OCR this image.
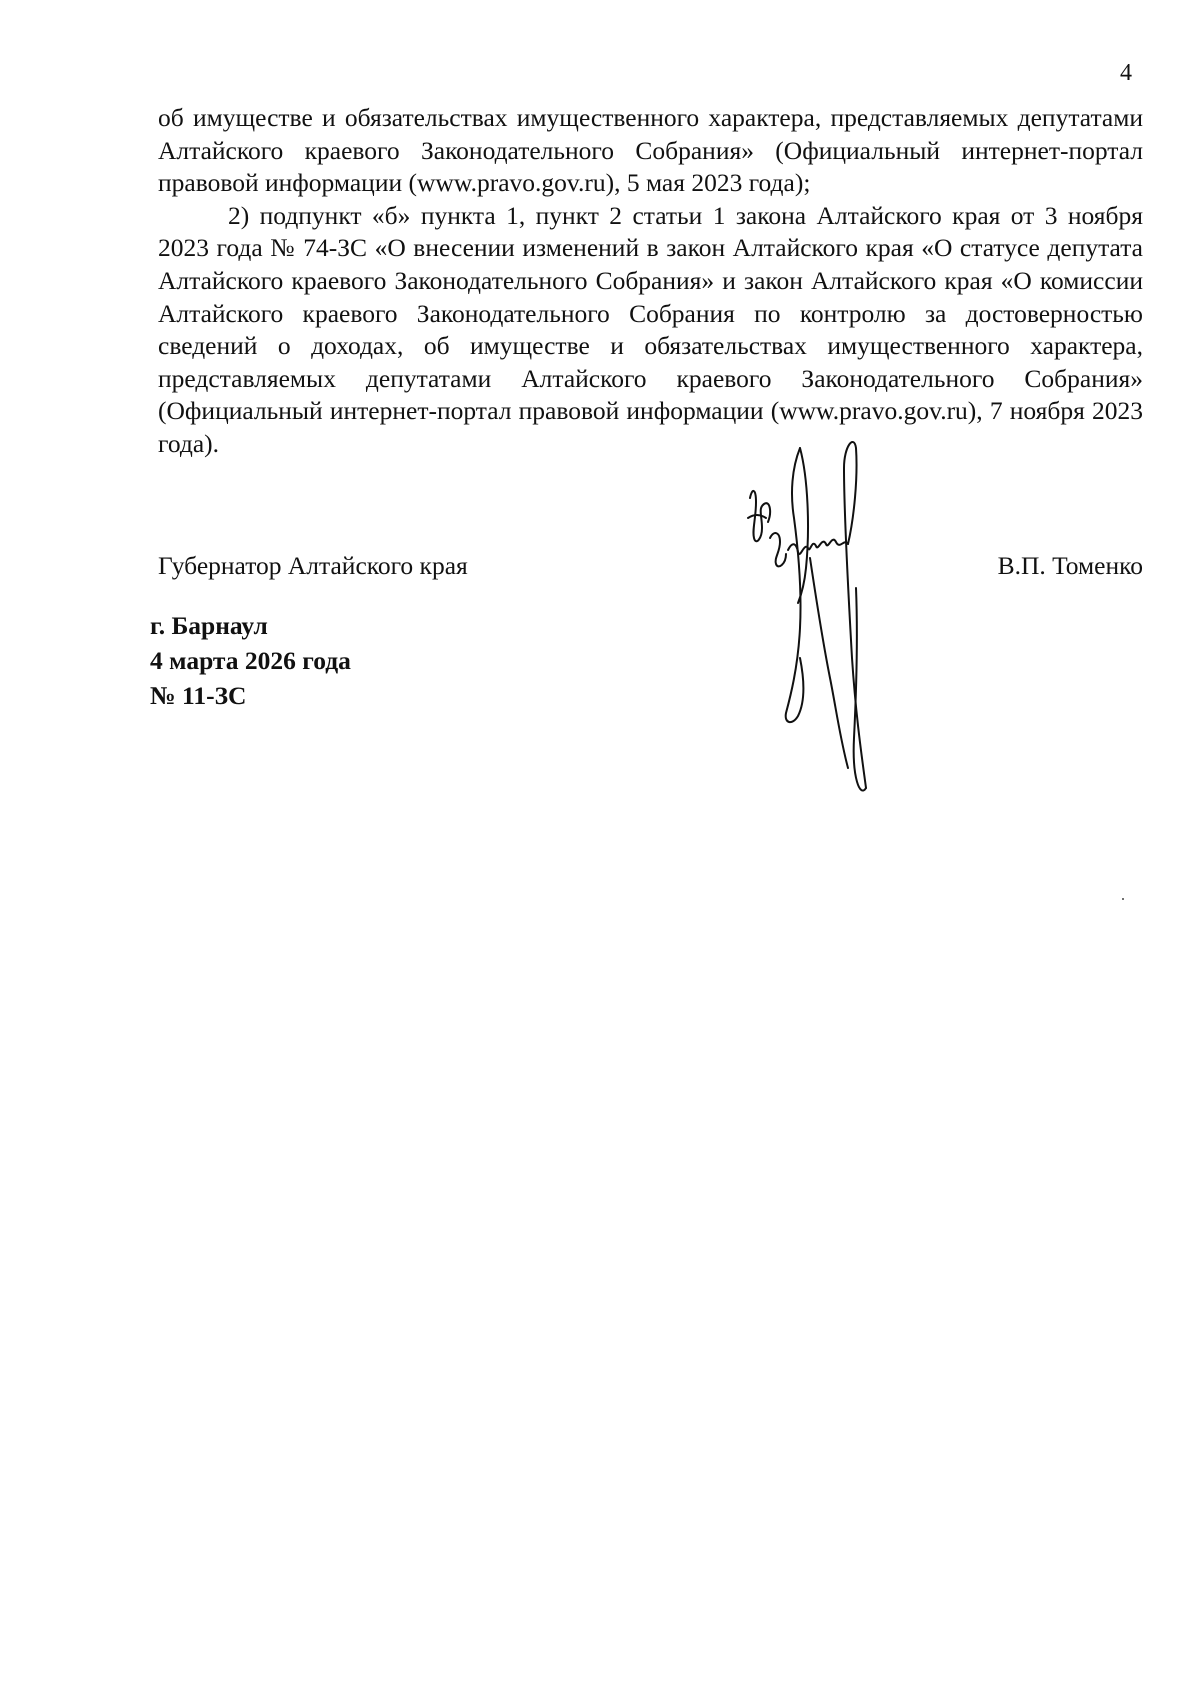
4

об имуществе и обязательствах имущественного характера, представляемых депутатами Алтайского краевого Законодательного Собрания» (Официальный интернет-портал правовой информации (www.pravo.gov.ru), 5 мая 2023 года);

2) подпункт «б» пункта 1, пункт 2 статьи 1 закона Алтайского края от 3 ноября 2023 года № 74-ЗС «О внесении изменений в закон Алтайского края «О статусе депутата Алтайского краевого Законодательного Собрания» и закон Алтайского края «О комиссии Алтайского краевого Законодательного Собрания по контролю за достоверностью сведений о доходах, об имуществе и обязательствах имущественного характера, представляемых депутатами Алтайского краевого Законодательного Собрания» (Официальный интернет-портал правовой информации (www.pravo.gov.ru), 7 ноября 2023 года).

Губернатор Алтайского края	В.П. Томенко
г. Барнаул
4 марта 2026 года
№ 11-ЗС
